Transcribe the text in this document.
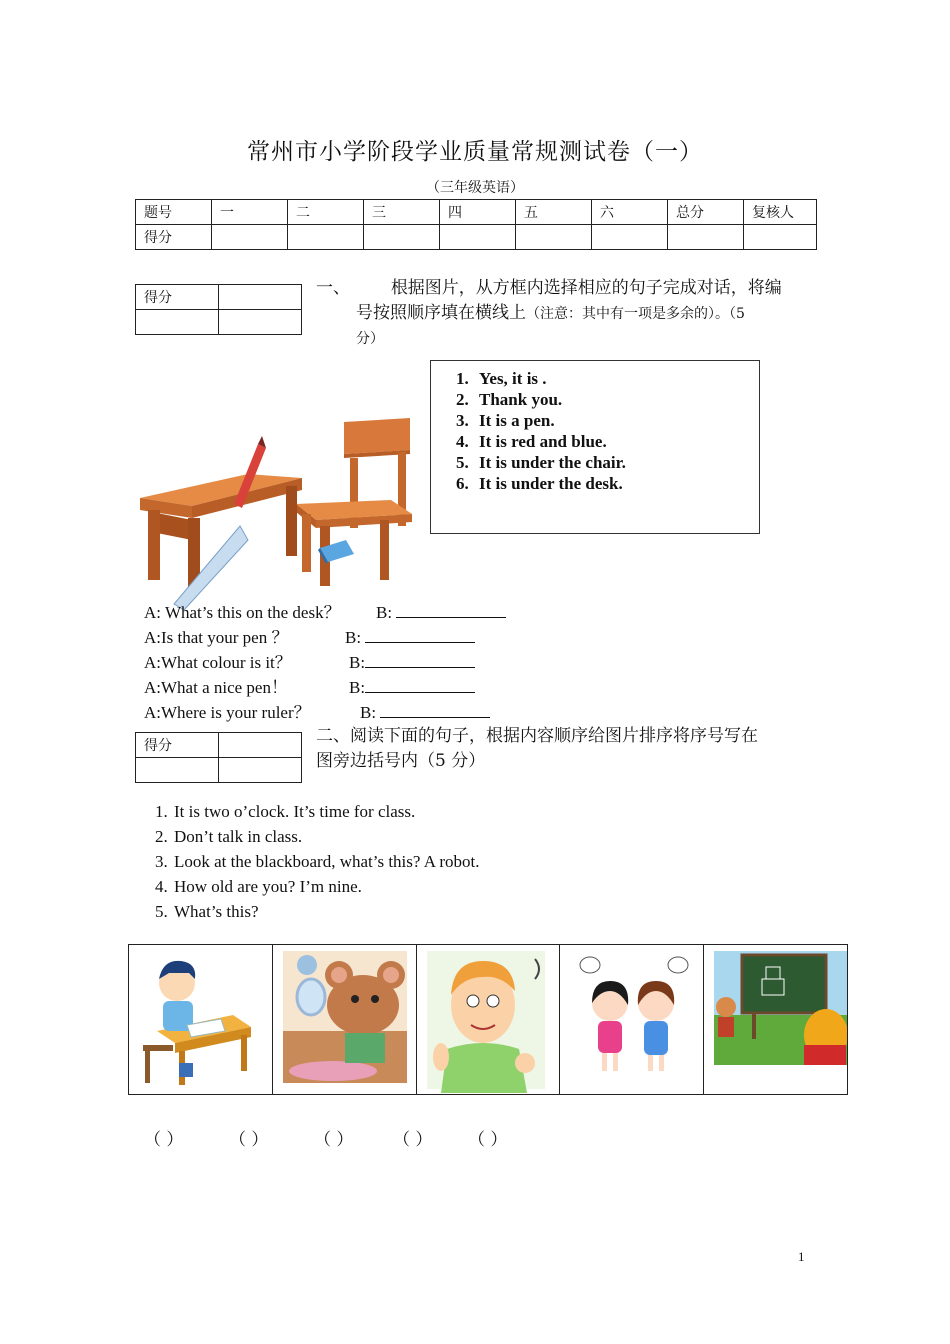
常州市小学阶段学业质量常规测试卷（一）
（三年级英语）
题号	一	二	三	四	五	六	总分	复核人
得分								
得分	
		一、 根据图片，从方框内选择相应的句子完成对话，将编
号按照顺序填在横线上（注意：其中有一项是多余的）。（5
分）
1. Yes, it is .
2. Thank you.
3. It is a pen.
4. It is red and blue.
5. It is under the chair.
6. It is under the desk.
A: What’s this on the desk？ B:
A:Is that your pen ？	B:
A:What colour is it？	B:
A:What a nice pen！	B:
A:Where is your ruler？	B:
得分	
		二、阅读下面的句子，根据内容顺序给图片排序将序号写在
图旁边括号内（5 分）
1. It is two o’clock. It’s time for class.
2. Don’t talk in class.
3. Look at the blackboard, what’s this? A robot.
4. How old are you? I’m nine.
5. What’s this?
（ ）	（ ）	（ ） （ ） （ ）
1
